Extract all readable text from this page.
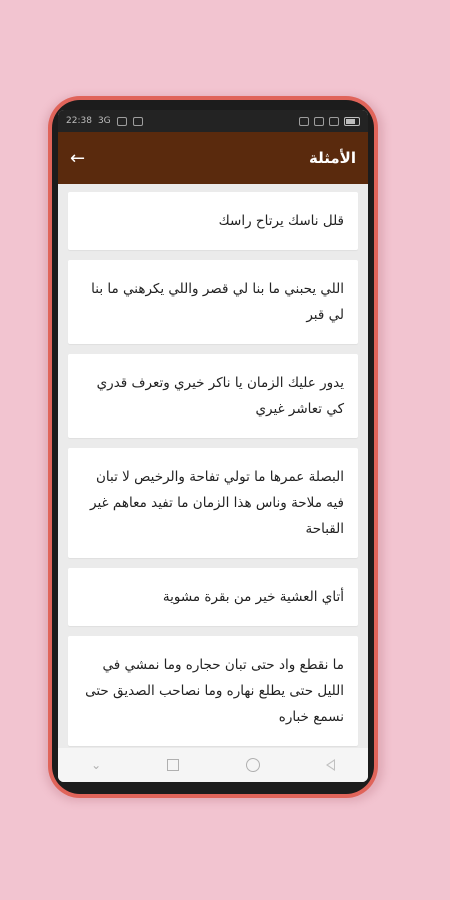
22:38 3G
←	الأمثلة
قلل ناسك يرتاح راسك
اللي يحبني ما بنا لي قصر واللي يكرهني ما بنا لي قبر
يدور عليك الزمان يا ناكر خيري وتعرف قدري كي تعاشر غيري
البصلة عمرها ما تولي تفاحة والرخيص لا تبان فيه ملاحة وناس هذا الزمان ما تفيد معاهم غير القباحة
أتاي العشية خير من بقرة مشوية
ما نقطع واد حتى تبان حجاره وما نمشي في الليل حتى يطلع نهاره وما نصاحب الصديق حتى نسمع خباره
⌄
